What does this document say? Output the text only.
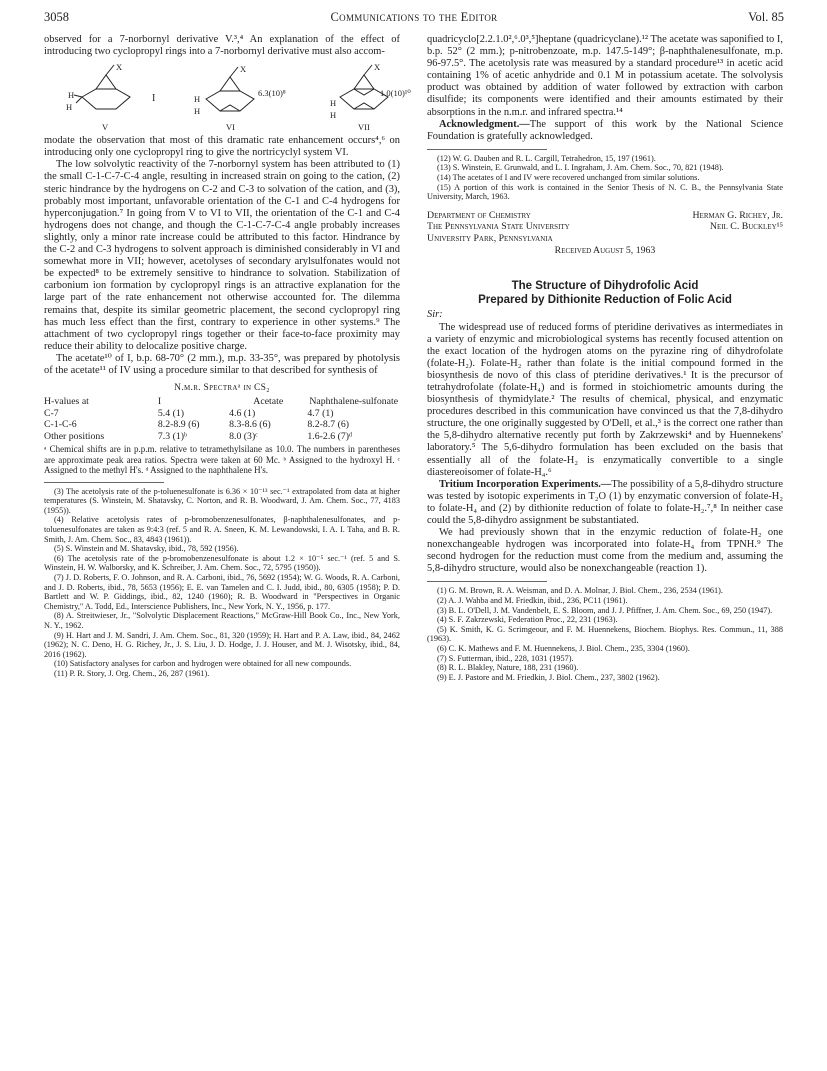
3058	Communications to the Editor	Vol. 85

observed for a 7-norbornyl derivative V.³,⁴ An explanation of the effect of introducing two cyclopropyl rings into a 7-norbornyl derivative must also accom-

X	X	X
H
H
H
H
H
H
I	6.3(10)⁸	1.0(10)¹⁰
V	VI	VII

modate the observation that most of this dramatic rate enhancement occurs⁴,⁶ on introducing only one cyclopropyl ring to give the nortricyclyl system VI.

The low solvolytic reactivity of the 7-norbornyl system has been attributed to (1) the small C-1-C-7-C-4 angle, resulting in increased strain on going to the cation, (2) steric hindrance by the hydrogens on C-2 and C-3 to solvation of the cation, and (3), probably most important, unfavorable orientation of the C-1 and C-4 hydrogens for hyperconjugation.⁷ In going from V to VI to VII, the orientation of the C-1 and C-4 hydrogens does not change, and though the C-1-C-7-C-4 angle probably increases slightly, only a minor rate increase could be attributed to this factor. Hindrance by the C-2 and C-3 hydrogens to solvent approach is diminished considerably in VI and somewhat more in VII; however, acetolyses of secondary arylsulfonates would not be expected⁸ to be extremely sensitive to hindrance to solvation. Stabilization of carbonium ion formation by cyclopropyl rings is an attractive explanation for the large part of the rate enhancement not otherwise accounted for. The dilemma remains that, despite its similar geometric placement, the second cyclopropyl ring has much less effect than the first, contrary to experience in other systems.⁹ The attachment of two cyclopropyl rings together or their face-to-face proximity may reduce their ability to delocalize positive charge.

The acetate¹⁰ of I, b.p. 68-70° (2 mm.), m.p. 33-35°, was prepared by photolysis of the acetate¹¹ of IV using a procedure similar to that described for synthesis of

N.m.r. Spectraᵃ in CS₂
H-values at	I	Acetate	Naphthalene-sulfonate
C-7	5.4 (1)	4.6 (1)	4.7 (1)
C-1-C-6	8.2-8.9 (6)	8.3-8.6 (6)	8.2-8.7 (6)
Other positions	7.3 (1)ᵇ	8.0 (3)ᶜ	1.6-2.6 (7)ᵈ
ᵃ Chemical shifts are in p.p.m. relative to tetramethylsilane as 10.0. The numbers in parentheses are approximate peak area ratios. Spectra were taken at 60 Mc. ᵇ Assigned to the hydroxyl H. ᶜ Assigned to the methyl H's. ᵈ Assigned to the naphthalene H's.

(3) The acetolysis rate of the p-toluenesulfonate is 6.36 × 10⁻¹³ sec.⁻¹ extrapolated from data at higher temperatures (S. Winstein, M. Shatavsky, C. Norton, and R. B. Woodward, J. Am. Chem. Soc., 77, 4183 (1955)).

(4) Relative acetolysis rates of p-bromobenzenesulfonates, β-naphthalenesulfonates, and p-toluenesulfonates are taken as 9:4:3 (ref. 5 and R. A. Sneen, K. M. Lewandowski, I. A. I. Taha, and B. R. Smith, J. Am. Chem. Soc., 83, 4843 (1961)).

(5) S. Winstein and M. Shatavsky, ibid., 78, 592 (1956).

(6) The acetolysis rate of the p-bromobenzenesulfonate is about 1.2 × 10⁻⁵ sec.⁻¹ (ref. 5 and S. Winstein, H. W. Walborsky, and K. Schreiber, J. Am. Chem. Soc., 72, 5795 (1950)).

(7) J. D. Roberts, F. O. Johnson, and R. A. Carboni, ibid., 76, 5692 (1954); W. G. Woods, R. A. Carboni, and J. D. Roberts, ibid., 78, 5653 (1956); E. E. van Tamelen and C. I. Judd, ibid., 80, 6305 (1958); P. D. Bartlett and W. P. Giddings, ibid., 82, 1240 (1960); R. B. Woodward in "Perspectives in Organic Chemistry," A. Todd, Ed., Interscience Publishers, Inc., New York, N. Y., 1956, p. 177.

(8) A. Streitwieser, Jr., "Solvolytic Displacement Reactions," McGraw-Hill Book Co., Inc., New York, N. Y., 1962.

(9) H. Hart and J. M. Sandri, J. Am. Chem. Soc., 81, 320 (1959); H. Hart and P. A. Law, ibid., 84, 2462 (1962); N. C. Deno, H. G. Richey, Jr., J. S. Liu, J. D. Hodge, J. J. Houser, and M. J. Wisotsky, ibid., 84, 2016 (1962).

(10) Satisfactory analyses for carbon and hydrogen were obtained for all new compounds.

(11) P. R. Story, J. Org. Chem., 26, 287 (1961).

quadricyclo[2.2.1.0²,⁶.0³,⁵]heptane (quadricyclane).¹² The acetate was saponified to I, b.p. 52° (2 mm.); p-nitrobenzoate, m.p. 147.5-149°; β-naphthalenesulfonate, m.p. 96-97.5°. The acetolysis rate was measured by a standard procedure¹³ in acetic acid containing 1% of acetic anhydride and 0.1 M in potassium acetate. The solvolysis product was obtained by addition of water followed by extraction with carbon disulfide; its components were identified and their amounts estimated by their absorptions in the n.m.r. and infrared spectra.¹⁴

Acknowledgment.—The support of this work by the National Science Foundation is gratefully acknowledged.

(12) W. G. Dauben and R. L. Cargill, Tetrahedron, 15, 197 (1961).

(13) S. Winstein, E. Grunwald, and L. I. Ingraham, J. Am. Chem. Soc., 70, 821 (1948).

(14) The acetates of I and IV were recovered unchanged from similar solutions.

(15) A portion of this work is contained in the Senior Thesis of N. C. B., the Pennsylvania State University, March, 1963.

Department of Chemistry	Herman G. Richey, Jr.
The Pennsylvania State University	Neil C. Buckley¹⁵
University Park, Pennsylvania
Received August 5, 1963
The Structure of Dihydrofolic Acid
Prepared by Dithionite Reduction of Folic Acid

Sir:

The widespread use of reduced forms of pteridine derivatives as intermediates in a variety of enzymic and microbiological systems has recently focused attention on the exact location of the hydrogen atoms on the pyrazine ring of dihydrofolate (folate-H₂). Folate-H₂ rather than folate is the initial compound formed in the biosynthesis de novo of this class of pteridine derivatives.¹ It is the precursor of tetrahydrofolate (folate-H₄) and is formed in stoichiometric amounts during the biosynthesis of thymidylate.² The results of chemical, physical, and enzymatic procedures described in this communication have convinced us that the 7,8-dihydro structure, the one originally suggested by O'Dell, et al.,³ is the correct one rather than the 5,8-dihydro alternative recently put forth by Zakrzewski⁴ and by Huennekens' laboratory.⁵ The 5,6-dihydro formulation has been excluded on the basis that essentially all of the folate-H₂ is enzymatically convertible to a single diastereoisomer of folate-H₄.⁶

Tritium Incorporation Experiments.—The possibility of a 5,8-dihydro structure was tested by isotopic experiments in T₂O (1) by enzymatic conversion of folate-H₂ to folate-H₄ and (2) by dithionite reduction of folate to folate-H₂.⁷,⁸ In neither case could the 5,8-dihydro assignment be substantiated.

We had previously shown that in the enzymic reduction of folate-H₂ one nonexchangeable hydrogen was incorporated into folate-H₄ from TPNH.⁹ The second hydrogen for the reduction must come from the medium and, assuming the 5,8-dihydro structure, would also be nonexchangeable (reaction 1).

(1) G. M. Brown, R. A. Weisman, and D. A. Molnar, J. Biol. Chem., 236, 2534 (1961).

(2) A. J. Wahba and M. Friedkin, ibid., 236, PC11 (1961).

(3) B. L. O'Dell, J. M. Vandenbelt, E. S. Bloom, and J. J. Pfiffner, J. Am. Chem. Soc., 69, 250 (1947).

(4) S. F. Zakrzewski, Federation Proc., 22, 231 (1963).

(5) K. Smith, K. G. Scrimgeour, and F. M. Huennekens, Biochem. Biophys. Res. Commun., 11, 388 (1963).

(6) C. K. Mathews and F. M. Huennekens, J. Biol. Chem., 235, 3304 (1960).

(7) S. Futterman, ibid., 228, 1031 (1957).

(8) R. L. Blakley, Nature, 188, 231 (1960).

(9) E. J. Pastore and M. Friedkin, J. Biol. Chem., 237, 3802 (1962).
